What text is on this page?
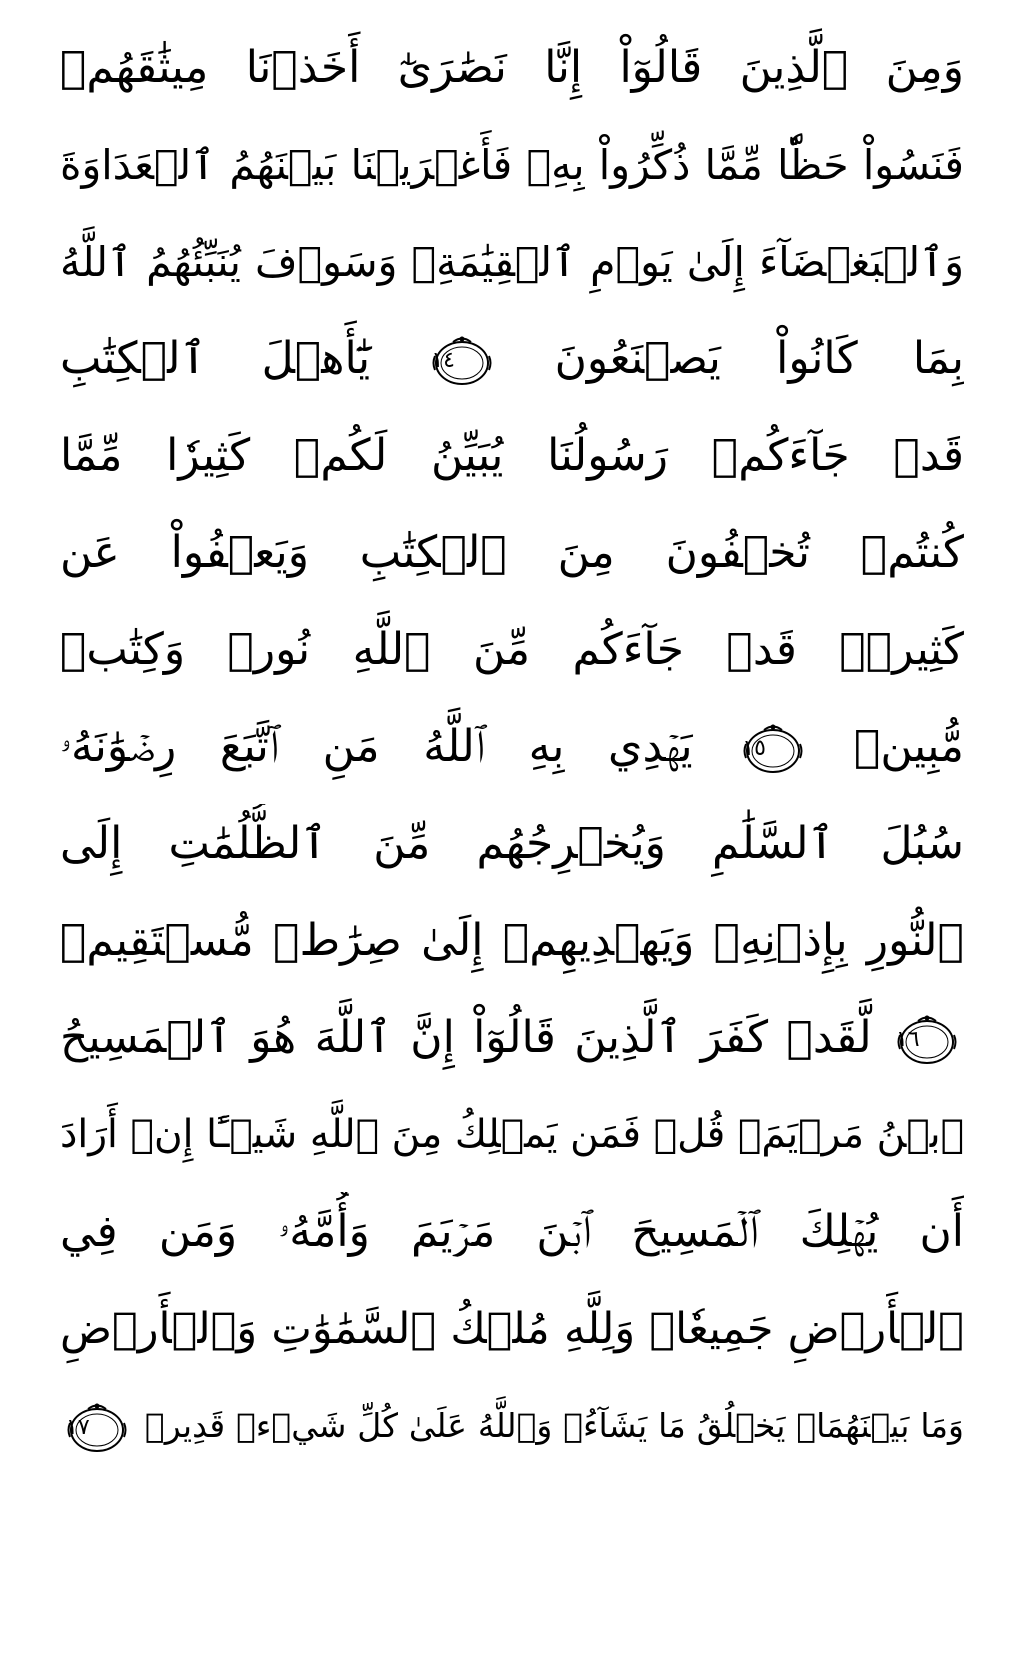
وَمِنَ ٱلَّذِينَ قَالُوٓاْ إِنَّا نَصَٰرَىٰٓ أَخَذۡنَا مِيثَٰقَهُمۡ
فَنَسُواْ حَظّٗا مِّمَّا ذُكِّرُواْ بِهِۦ فَأَغۡرَيۡنَا بَيۡنَهُمُ ٱلۡعَدَاوَةَ
وَٱلۡبَغۡضَآءَ إِلَىٰ يَوۡمِ ٱلۡقِيَٰمَةِۚ وَسَوۡفَ يُنَبِّئُهُمُ ٱللَّهُ
بِمَا كَانُواْ يَصۡنَعُونَ
١٤
يَٰٓأَهۡلَ ٱلۡكِتَٰبِ
قَدۡ جَآءَكُمۡ رَسُولُنَا يُبَيِّنُ لَكُمۡ كَثِيرٗا مِّمَّا
كُنتُمۡ تُخۡفُونَ مِنَ ٱلۡكِتَٰبِ وَيَعۡفُواْ عَن
كَثِيرٖۚ قَدۡ جَآءَكُم مِّنَ ٱللَّهِ نُورٞ وَكِتَٰبٞ
مُّبِينٞ
١٥
يَهۡدِي بِهِ ٱللَّهُ مَنِ ٱتَّبَعَ رِضۡوَٰنَهُۥ
سُبُلَ ٱلسَّلَٰمِ وَيُخۡرِجُهُم مِّنَ ٱلظُّلُمَٰتِ إِلَى
ٱلنُّورِ بِإِذۡنِهِۦ وَيَهۡدِيهِمۡ إِلَىٰ صِرَٰطٖ مُّسۡتَقِيمٖ
١٦
لَّقَدۡ كَفَرَ ٱلَّذِينَ قَالُوٓاْ إِنَّ ٱللَّهَ هُوَ ٱلۡمَسِيحُ
ٱبۡنُ مَرۡيَمَۚ قُلۡ فَمَن يَمۡلِكُ مِنَ ٱللَّهِ شَيۡـًٔا إِنۡ أَرَادَ
أَن يُهۡلِكَ ٱلۡمَسِيحَ ٱبۡنَ مَرۡيَمَ وَأُمَّهُۥ وَمَن فِي
ٱلۡأَرۡضِ جَمِيعٗاۗ وَلِلَّهِ مُلۡكُ ٱلسَّمَٰوَٰتِ وَٱلۡأَرۡضِ
وَمَا بَيۡنَهُمَاۚ يَخۡلُقُ مَا يَشَآءُۚ وَٱللَّهُ عَلَىٰ كُلِّ شَيۡءٖ قَدِيرٞ
١٧
